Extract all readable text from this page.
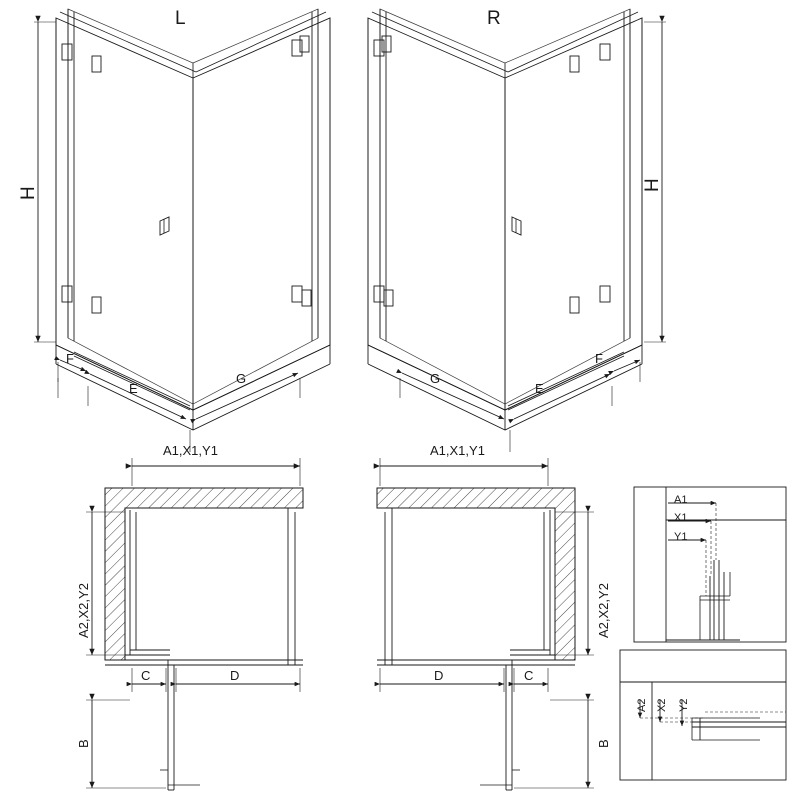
L	R
H
H
F
E
G	G
E
F
A1,X1,Y1	A1,X1,Y1
A2,X2,Y2	A2,X2,Y2
C	D	D	C
B	B
A1
X1
Y1
A2 X2 Y2
